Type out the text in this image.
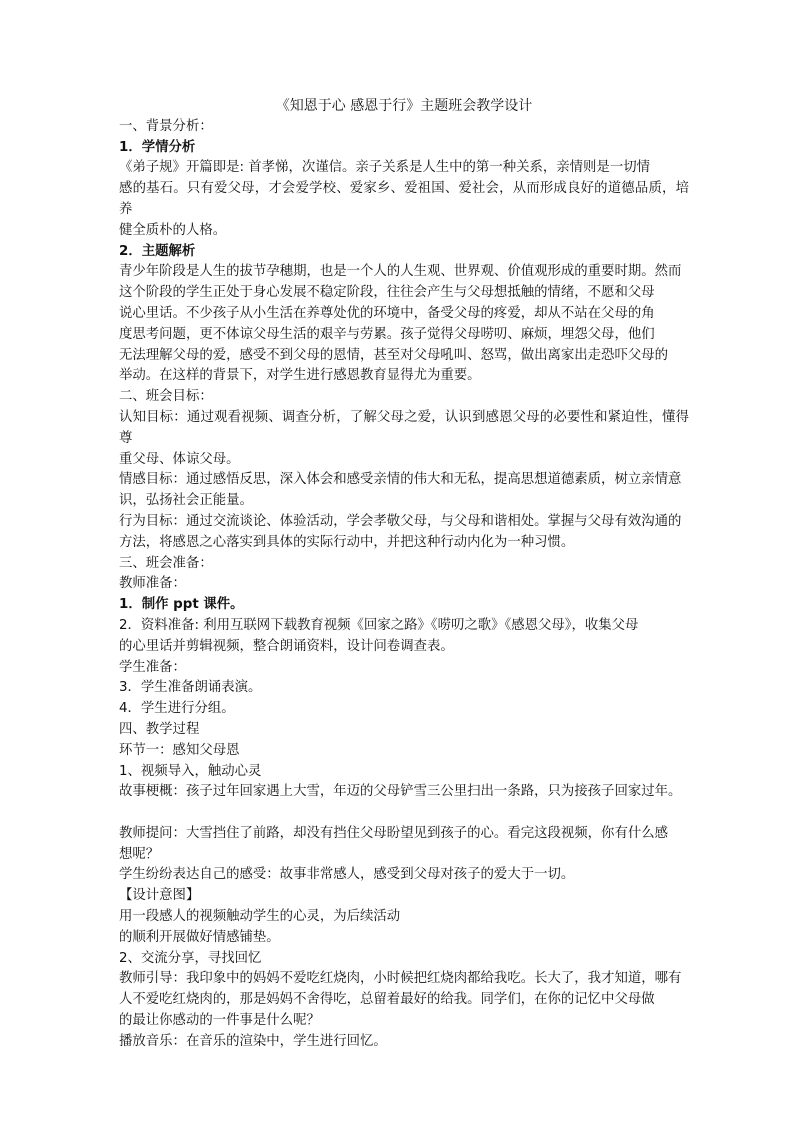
《知恩于心 感恩于行》主题班会教学设计
一、背景分析：
1．学情分析
《弟子规》开篇即是: 首孝悌，次谨信。亲子关系是人生中的第一种关系，亲情则是一切情
感的基石。只有爱父母，才会爱学校、爱家乡、爱祖国、爱社会，从而形成良好的道德品质，培养
健全质朴的人格。
2．主题解析
青少年阶段是人生的拔节孕穗期，也是一个人的人生观、世界观、价值观形成的重要时期。然而
这个阶段的学生正处于身心发展不稳定阶段，往往会产生与父母想抵触的情绪，不愿和父母
说心里话。不少孩子从小生活在养尊处优的环境中，备受父母的疼爱，却从不站在父母的角
度思考问题，更不体谅父母生活的艰辛与劳累。孩子觉得父母唠叨、麻烦，埋怨父母，他们
无法理解父母的爱，感受不到父母的恩情，甚至对父母吼叫、怒骂，做出离家出走恐吓父母的
举动。在这样的背景下，对学生进行感恩教育显得尤为重要。
二、班会目标：
认知目标：通过观看视频、调查分析，了解父母之爱，认识到感恩父母的必要性和紧迫性，懂得尊
重父母、体谅父母。
情感目标：通过感悟反思，深入体会和感受亲情的伟大和无私，提高思想道德素质，树立亲情意
识，弘扬社会正能量。
行为目标：通过交流谈论、体验活动，学会孝敬父母，与父母和谐相处。掌握与父母有效沟通的
方法，将感恩之心落实到具体的实际行动中，并把这种行动内化为一种习惯。
三、班会准备：
教师准备：
1．制作 ppt 课件。
2．资料准备: 利用互联网下载教育视频《回家之路》《唠叨之歌》《感恩父母》，收集父母
的心里话并剪辑视频，整合朗诵资料，设计问卷调查表。
学生准备：
3．学生准备朗诵表演。
4．学生进行分组。
四、教学过程
环节一：感知父母恩
1、视频导入，触动心灵
故事梗概：孩子过年回家遇上大雪，年迈的父母铲雪三公里扫出一条路，只为接孩子回家过年。
教师提问：大雪挡住了前路，却没有挡住父母盼望见到孩子的心。看完这段视频，你有什么感
想呢？
学生纷纷表达自己的感受：故事非常感人，感受到父母对孩子的爱大于一切。
【设计意图】
用一段感人的视频触动学生的心灵，为后续活动
的顺利开展做好情感铺垫。
2、交流分享，寻找回忆
教师引导：我印象中的妈妈不爱吃红烧肉，小时候把红烧肉都给我吃。长大了，我才知道，哪有
人不爱吃红烧肉的，那是妈妈不舍得吃，总留着最好的给我。同学们，在你的记忆中父母做
的最让你感动的一件事是什么呢？
播放音乐：在音乐的渲染中，学生进行回忆。
